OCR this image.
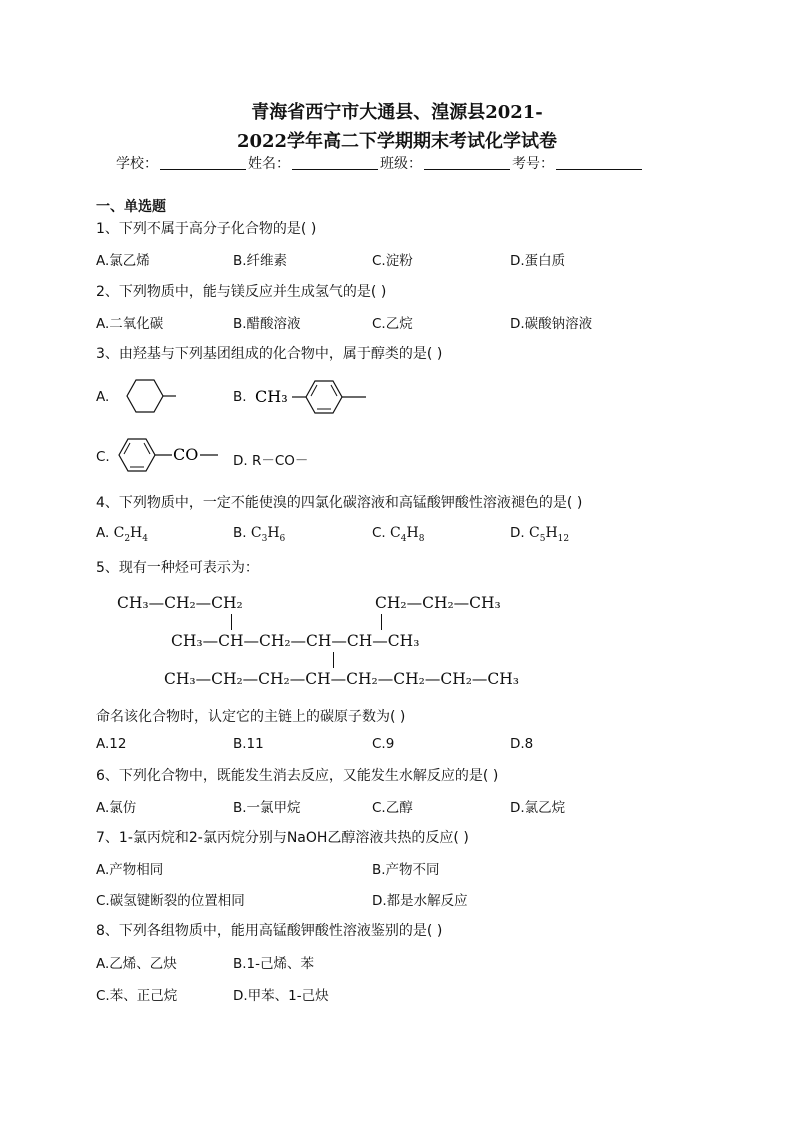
青海省西宁市大通县、湟源县2021-
2022学年高二下学期期末考试化学试卷
学校：	姓名：	班级：	考号：
一、单选题
1、下列不属于高分子化合物的是( )
A.氯乙烯	B.纤维素	C.淀粉	D.蛋白质
2、下列物质中，能与镁反应并生成氢气的是( )
A.二氧化碳	B.醋酸溶液	C.乙烷	D.碳酸钠溶液
3、由羟基与下列基团组成的化合物中，属于醇类的是( )
A.	B. CH₃
C.	CO	D. R－CO－
4、下列物质中，一定不能使溴的四氯化碳溶液和高锰酸钾酸性溶液褪色的是( )
A. $C_2H_4$	B. $C_3H_6$	C. $C_4H_8$	D. $C_5H_{12}$
5、现有一种烃可表示为：
CH₃—CH₂—CH₂	CH₂—CH₂—CH₃
CH₃—CH—CH₂—CH—CH—CH₃
CH₃—CH₂—CH₂—CH—CH₂—CH₂—CH₂—CH₃
命名该化合物时，认定它的主链上的碳原子数为( )
A.12	B.11	C.9	D.8
6、下列化合物中，既能发生消去反应，又能发生水解反应的是( )
A.氯仿	B.一氯甲烷	C.乙醇	D.氯乙烷
7、1-氯丙烷和2-氯丙烷分别与NaOH乙醇溶液共热的反应( )
A.产物相同	B.产物不同
C.碳氢键断裂的位置相同	D.都是水解反应
8、下列各组物质中，能用高锰酸钾酸性溶液鉴别的是( )
A.乙烯、乙炔	B.1-己烯、苯
C.苯、正己烷	D.甲苯、1-己炔
